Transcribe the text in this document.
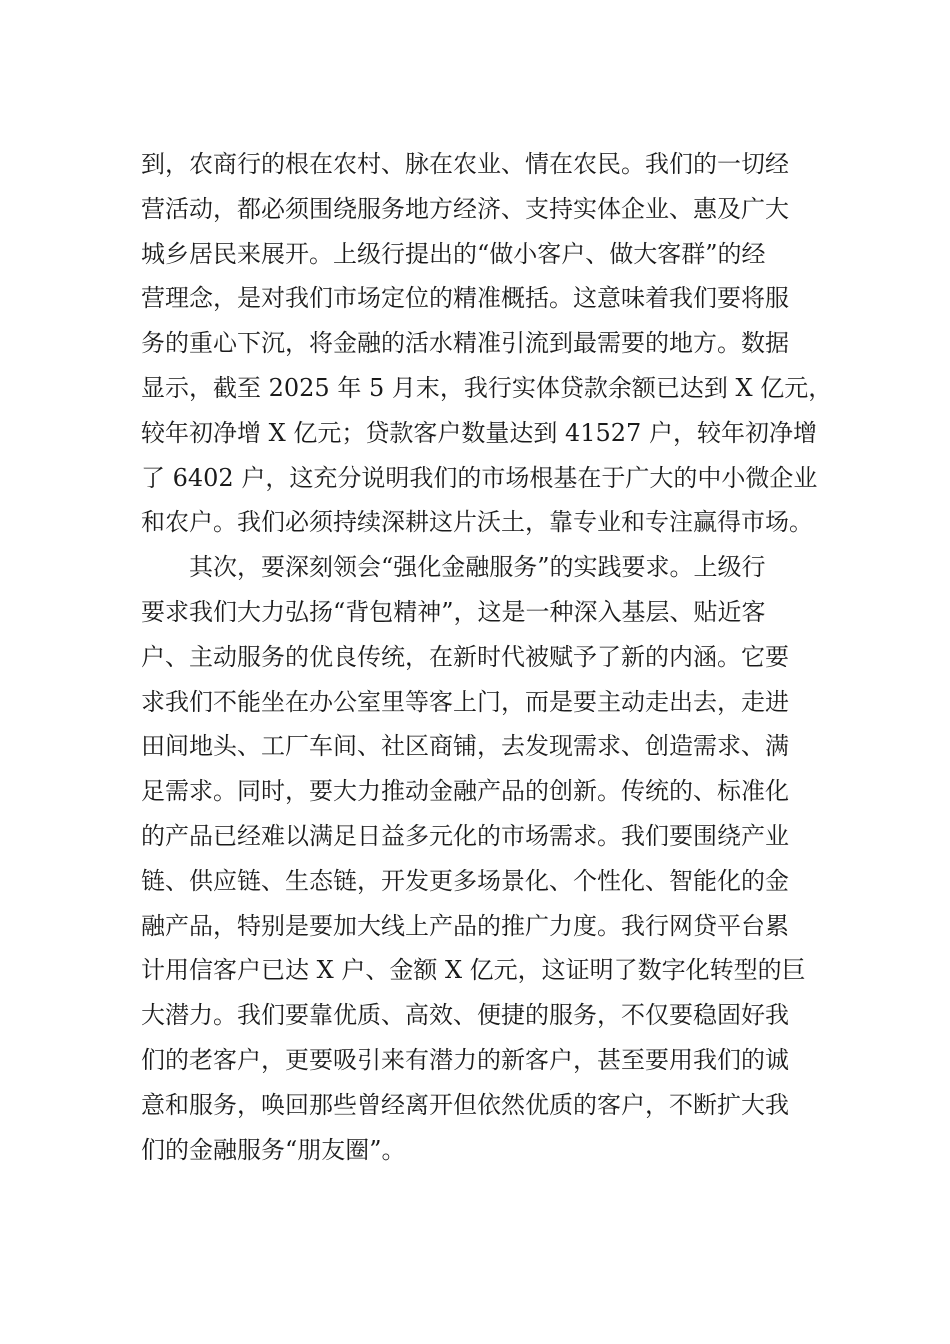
到，农商行的根在农村、脉在农业、情在农民。我们的一切经
营活动，都必须围绕服务地方经济、支持实体企业、惠及广大
城乡居民来展开。上级行提出的“做小客户、做大客群”的经
营理念，是对我们市场定位的精准概括。这意味着我们要将服
务的重心下沉，将金融的活水精准引流到最需要的地方。数据
显示，截至 2025 年 5 月末，我行实体贷款余额已达到 X 亿元，
较年初净增 X 亿元；贷款客户数量达到 41527 户，较年初净增
了 6402 户，这充分说明我们的市场根基在于广大的中小微企业
和农户。我们必须持续深耕这片沃土，靠专业和专注赢得市场。
其次，要深刻领会“强化金融服务”的实践要求。上级行
要求我们大力弘扬“背包精神”，这是一种深入基层、贴近客
户、主动服务的优良传统，在新时代被赋予了新的内涵。它要
求我们不能坐在办公室里等客上门，而是要主动走出去，走进
田间地头、工厂车间、社区商铺，去发现需求、创造需求、满
足需求。同时，要大力推动金融产品的创新。传统的、标准化
的产品已经难以满足日益多元化的市场需求。我们要围绕产业
链、供应链、生态链，开发更多场景化、个性化、智能化的金
融产品，特别是要加大线上产品的推广力度。我行网贷平台累
计用信客户已达 X 户、金额 X 亿元，这证明了数字化转型的巨
大潜力。我们要靠优质、高效、便捷的服务，不仅要稳固好我
们的老客户，更要吸引来有潜力的新客户，甚至要用我们的诚
意和服务，唤回那些曾经离开但依然优质的客户，不断扩大我
们的金融服务“朋友圈”。
